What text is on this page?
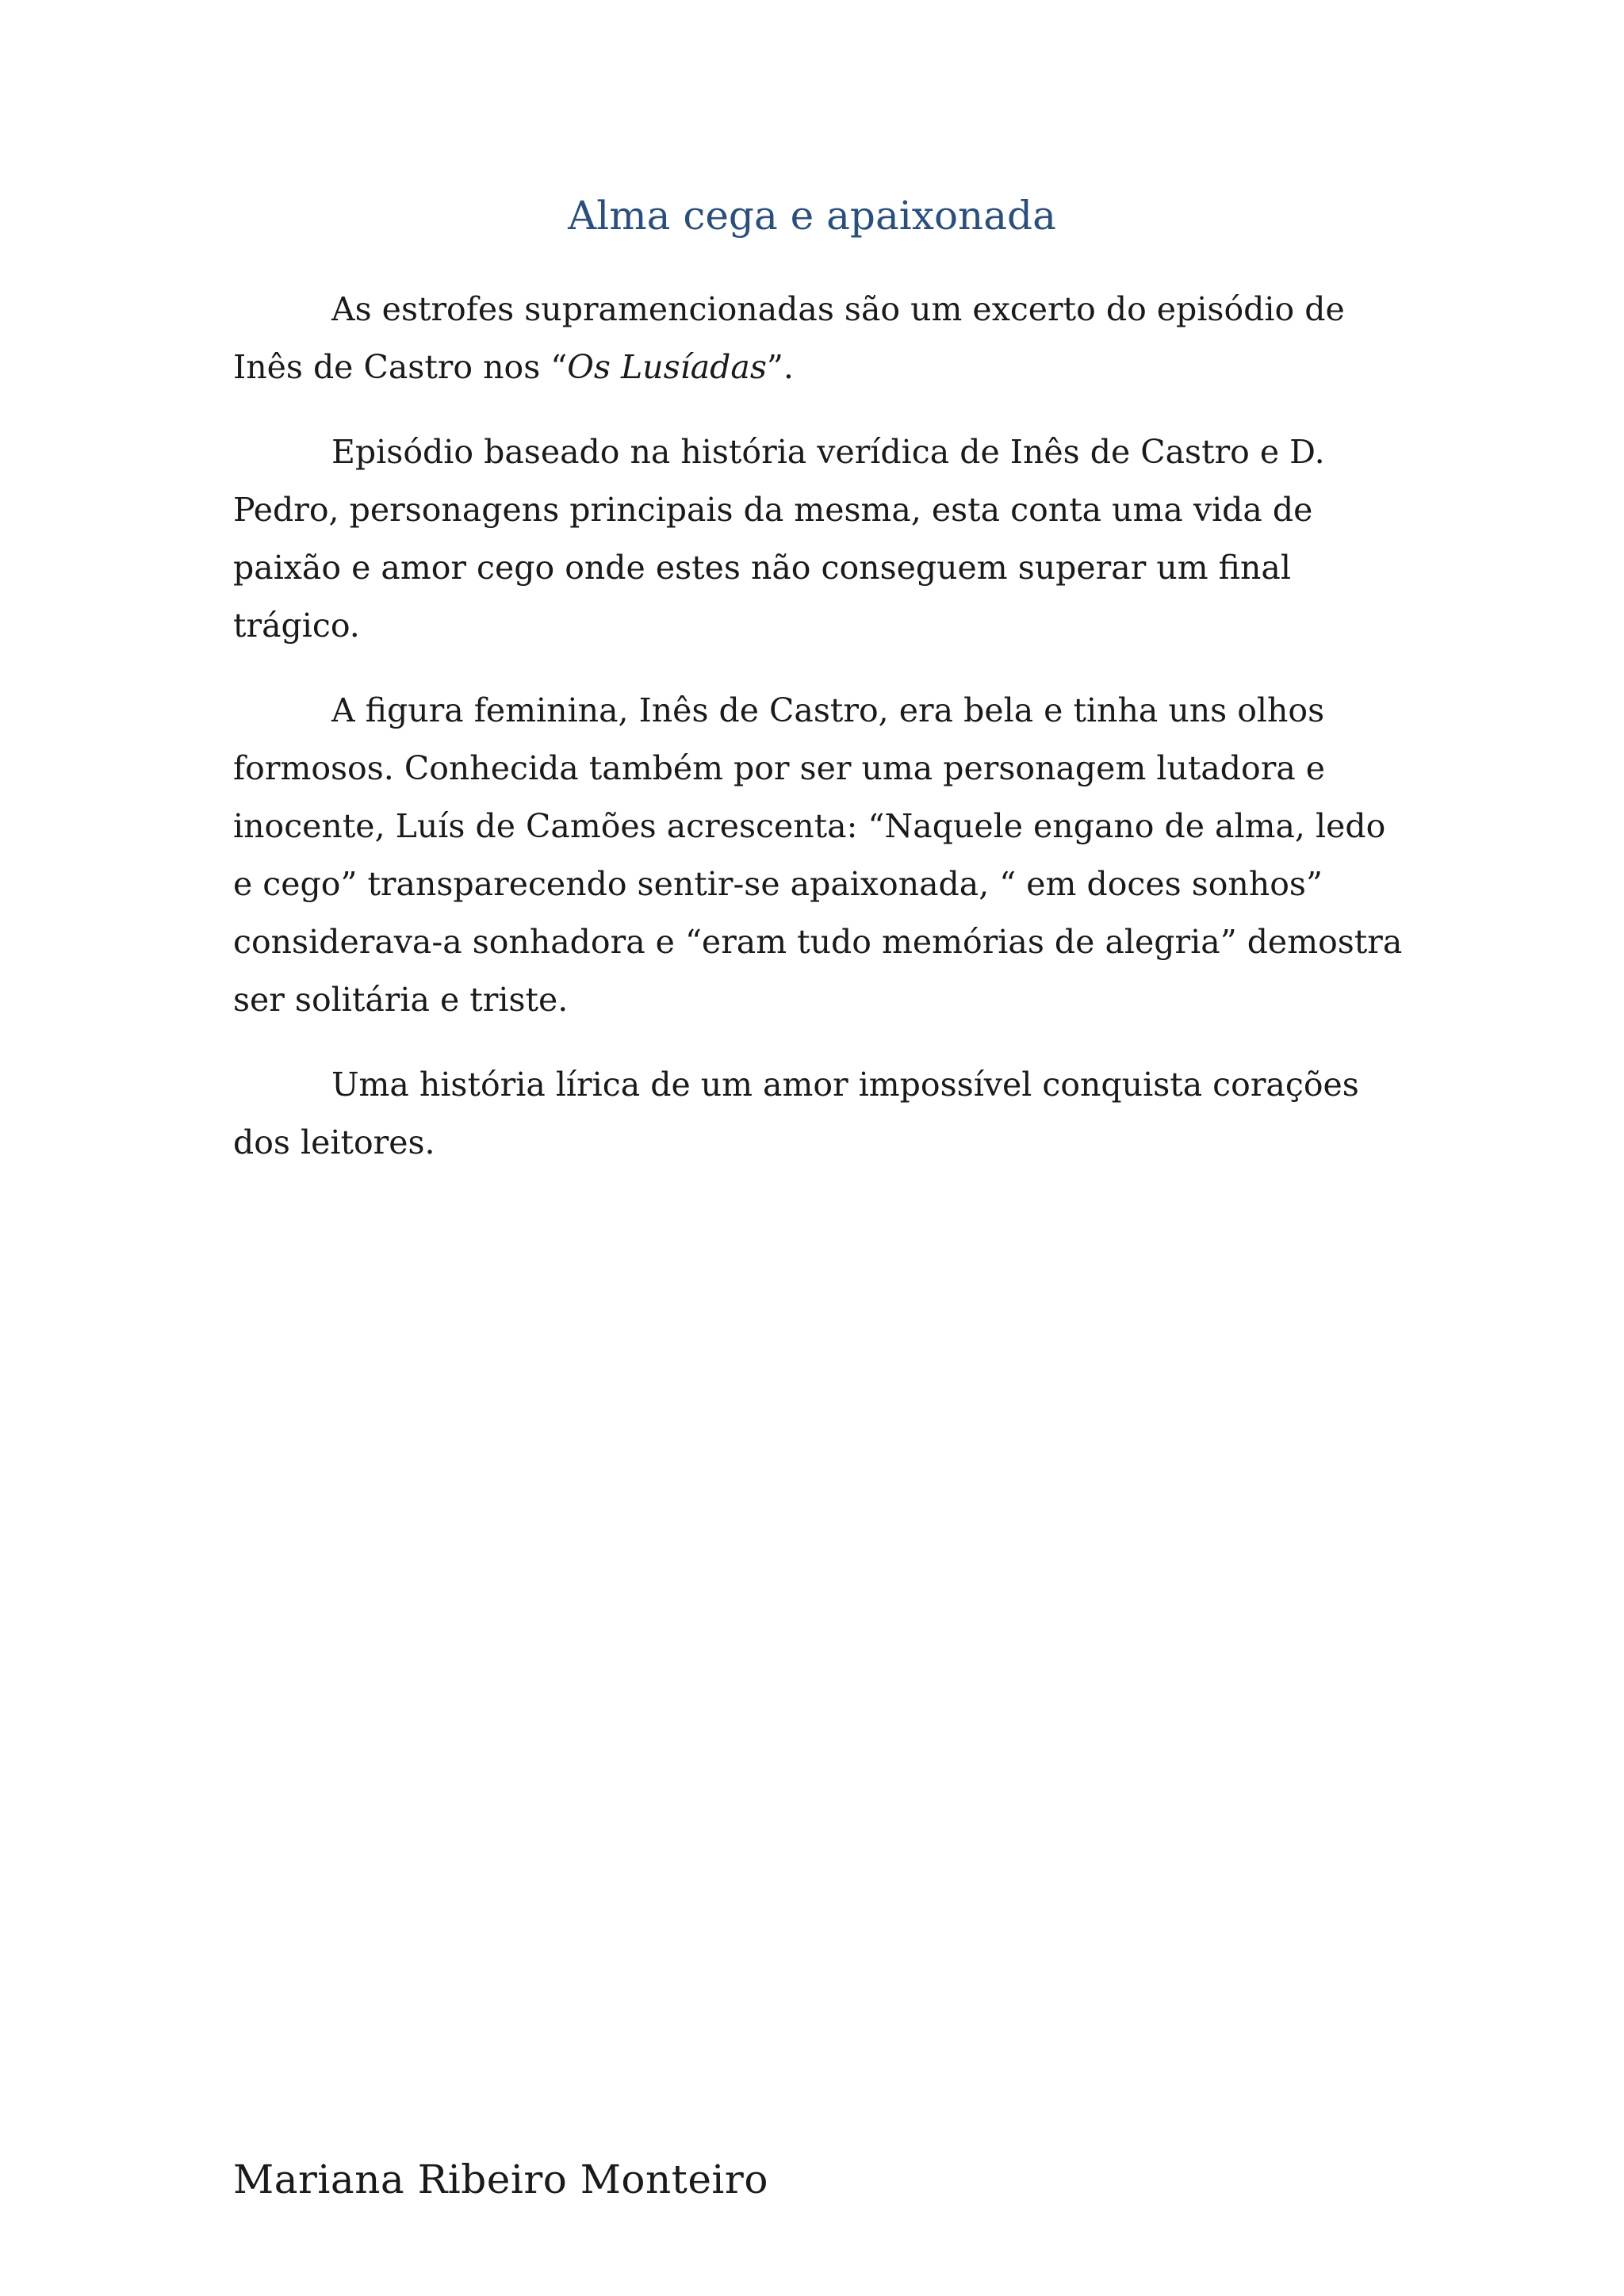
Alma cega e apaixonada

As estrofes supramencionadas são um excerto do episódio de Inês de Castro nos “Os Lusíadas”.

Episódio baseado na história verídica de Inês de Castro e D. Pedro, personagens principais da mesma, esta conta uma vida de paixão e amor cego onde estes não conseguem superar um final trágico.

A figura feminina, Inês de Castro, era bela e tinha uns olhos formosos. Conhecida também por ser uma personagem lutadora e inocente, Luís de Camões acrescenta: “Naquele engano de alma, ledo e cego” transparecendo sentir-se apaixonada, “ em doces sonhos” considerava-a sonhadora e “eram tudo memórias de alegria” demostra ser solitária e triste.

Uma história lírica de um amor impossível conquista corações dos leitores.

Mariana Ribeiro Monteiro
